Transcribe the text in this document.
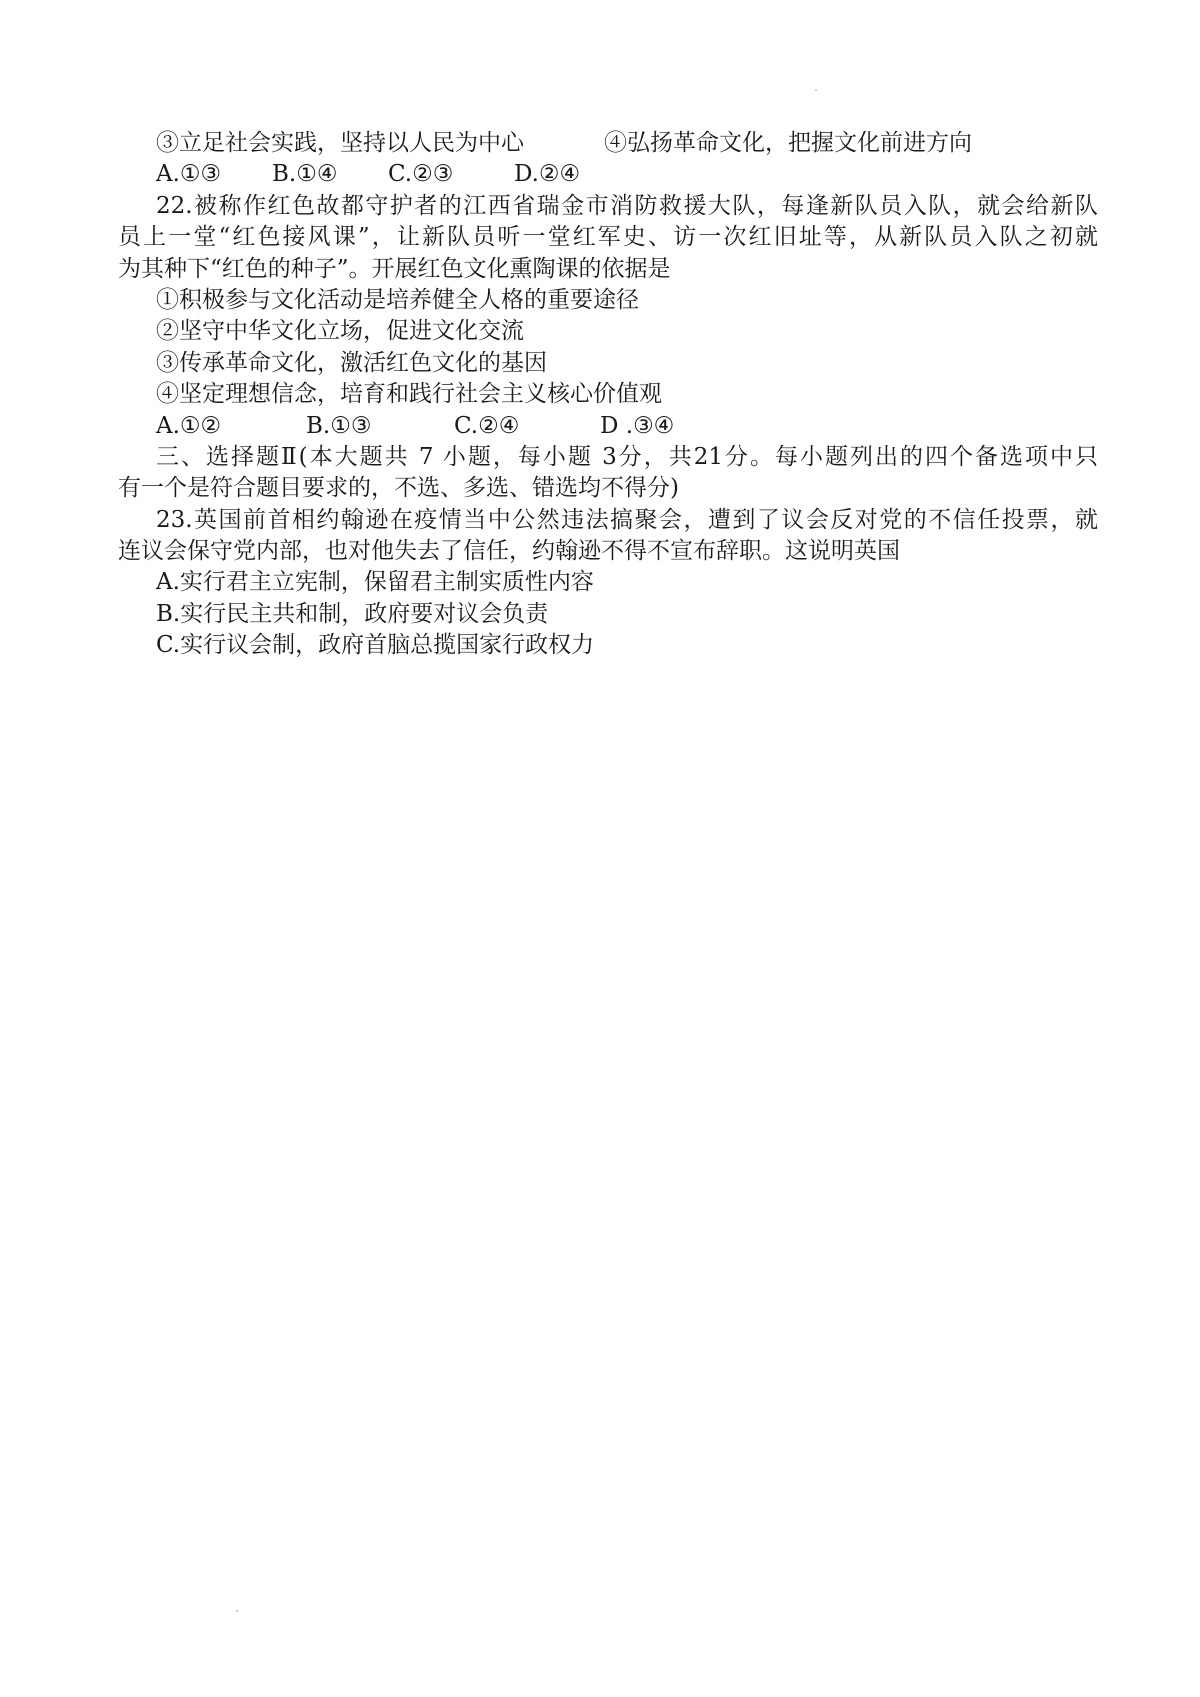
③立足社会实践，坚持以人民为中心	④弘扬革命文化，把握文化前进方向
A.①③	B.①④	C.②③	D.②④
22.被称作红色故都守护者的江西省瑞金市消防救援大队，每逢新队员入队，就会给新队
员上一堂“红色接风课”，让新队员听一堂红军史、访一次红旧址等，从新队员入队之初就
为其种下“红色的种子”。开展红色文化熏陶课的依据是
①积极参与文化活动是培养健全人格的重要途径
②坚守中华文化立场，促进文化交流
③传承革命文化，激活红色文化的基因
④坚定理想信念，培育和践行社会主义核心价值观
A.①②	B.①③	C.②④	D .③④
三、选择题Ⅱ(本大题共 7 小题，每小题 3分，共21分。每小题列出的四个备选项中只
有一个是符合题目要求的，不选、多选、错选均不得分)
23.英国前首相约翰逊在疫情当中公然违法搞聚会，遭到了议会反对党的不信任投票，就
连议会保守党内部，也对他失去了信任，约翰逊不得不宣布辞职。这说明英国
A.实行君主立宪制，保留君主制实质性内容
B.实行民主共和制，政府要对议会负责
C.实行议会制，政府首脑总揽国家行政权力
